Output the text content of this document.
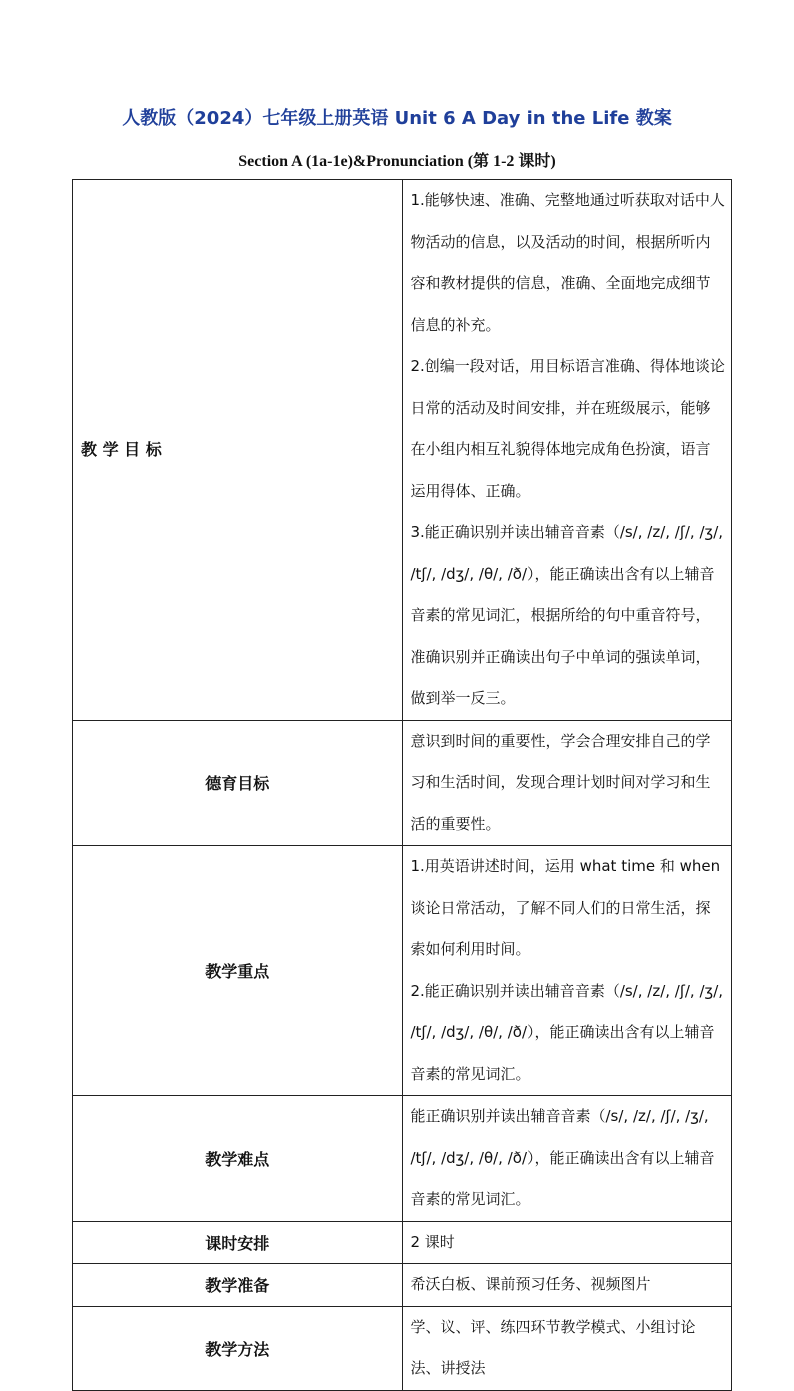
人教版（2024）七年级上册英语 Unit 6 A Day in the Life 教案
Section A (1a-1e)&Pronunciation (第 1-2 课时)
教 学 目 标	1.能够快速、准确、完整地通过听获取对话中人物活动的信息，以及活动的时间，根据所听内容和教材提供的信息，准确、全面地完成细节信息的补充。

2.创编一段对话，用目标语言准确、得体地谈论日常的活动及时间安排，并在班级展示，能够在小组内相互礼貌得体地完成角色扮演，语言运用得体、正确。

3.能正确识别并读出辅音音素（/s/, /z/, /ʃ/, /ʒ/, /tʃ/, /dʒ/, /θ/, /ð/），能正确读出含有以上辅音音素的常见词汇，根据所给的句中重音符号，准确识别并正确读出句子中单词的强读单词，做到举一反三。

德育目标	意识到时间的重要性，学会合理安排自己的学习和生活时间，发现合理计划时间对学习和生活的重要性。

教学重点	1.用英语讲述时间，运用 what time 和 when 谈论日常活动，了解不同人们的日常生活，探索如何利用时间。

2.能正确识别并读出辅音音素（/s/, /z/, /ʃ/, /ʒ/, /tʃ/, /dʒ/, /θ/, /ð/），能正确读出含有以上辅音音素的常见词汇。

教学难点	能正确识别并读出辅音音素（/s/, /z/, /ʃ/, /ʒ/, /tʃ/, /dʒ/, /θ/, /ð/），能正确读出含有以上辅音音素的常见词汇。

课时安排	2 课时

教学准备	希沃白板、课前预习任务、视频图片

教学方法	学、议、评、练四环节教学模式、小组讨论法、讲授法
